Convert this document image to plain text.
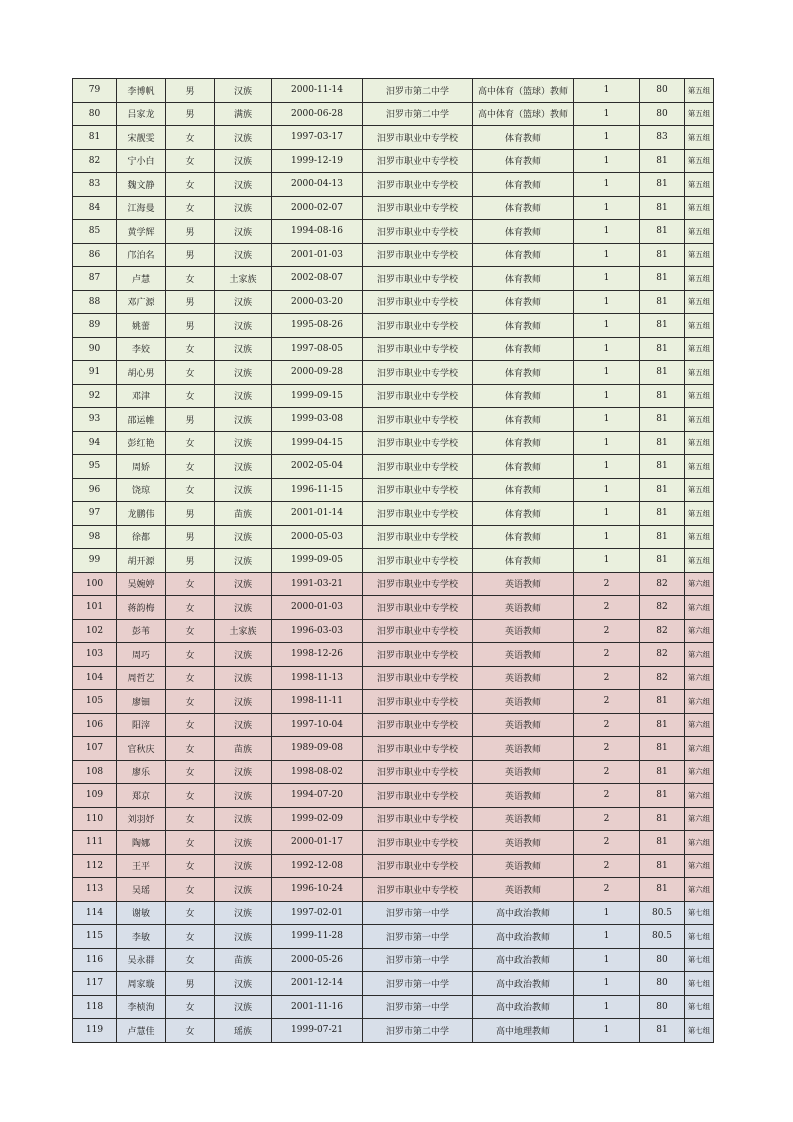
79	李博帆	男	汉族	2000-11-14	汨罗市第二中学	高中体育（篮球）教师	1	80	第五组
80	吕家龙	男	满族	2000-06-28	汨罗市第二中学	高中体育（篮球）教师	1	80	第五组
81	宋靓雯	女	汉族	1997-03-17	汨罗市职业中专学校	体育教师	1	83	第五组
82	宁小白	女	汉族	1999-12-19	汨罗市职业中专学校	体育教师	1	81	第五组
83	魏文静	女	汉族	2000-04-13	汨罗市职业中专学校	体育教师	1	81	第五组
84	江海曼	女	汉族	2000-02-07	汨罗市职业中专学校	体育教师	1	81	第五组
85	黄学辉	男	汉族	1994-08-16	汨罗市职业中专学校	体育教师	1	81	第五组
86	邝泊名	男	汉族	2001-01-03	汨罗市职业中专学校	体育教师	1	81	第五组
87	卢慧	女	土家族	2002-08-07	汨罗市职业中专学校	体育教师	1	81	第五组
88	邓广源	男	汉族	2000-03-20	汨罗市职业中专学校	体育教师	1	81	第五组
89	姚蕾	男	汉族	1995-08-26	汨罗市职业中专学校	体育教师	1	81	第五组
90	李姣	女	汉族	1997-08-05	汨罗市职业中专学校	体育教师	1	81	第五组
91	胡心男	女	汉族	2000-09-28	汨罗市职业中专学校	体育教师	1	81	第五组
92	邓津	女	汉族	1999-09-15	汨罗市职业中专学校	体育教师	1	81	第五组
93	邵运帷	男	汉族	1999-03-08	汨罗市职业中专学校	体育教师	1	81	第五组
94	彭红艳	女	汉族	1999-04-15	汨罗市职业中专学校	体育教师	1	81	第五组
95	周娇	女	汉族	2002-05-04	汨罗市职业中专学校	体育教师	1	81	第五组
96	饶琼	女	汉族	1996-11-15	汨罗市职业中专学校	体育教师	1	81	第五组
97	龙鹏伟	男	苗族	2001-01-14	汨罗市职业中专学校	体育教师	1	81	第五组
98	徐都	男	汉族	2000-05-03	汨罗市职业中专学校	体育教师	1	81	第五组
99	胡开源	男	汉族	1999-09-05	汨罗市职业中专学校	体育教师	1	81	第五组
100	吴婉婷	女	汉族	1991-03-21	汨罗市职业中专学校	英语教师	2	82	第六组
101	蒋韵梅	女	汉族	2000-01-03	汨罗市职业中专学校	英语教师	2	82	第六组
102	彭苇	女	土家族	1996-03-03	汨罗市职业中专学校	英语教师	2	82	第六组
103	周巧	女	汉族	1998-12-26	汨罗市职业中专学校	英语教师	2	82	第六组
104	周哲艺	女	汉族	1998-11-13	汨罗市职业中专学校	英语教师	2	82	第六组
105	廖钿	女	汉族	1998-11-11	汨罗市职业中专学校	英语教师	2	81	第六组
106	阳滓	女	汉族	1997-10-04	汨罗市职业中专学校	英语教师	2	81	第六组
107	官秋庆	女	苗族	1989-09-08	汨罗市职业中专学校	英语教师	2	81	第六组
108	廖乐	女	汉族	1998-08-02	汨罗市职业中专学校	英语教师	2	81	第六组
109	郑京	女	汉族	1994-07-20	汨罗市职业中专学校	英语教师	2	81	第六组
110	刘羽妤	女	汉族	1999-02-09	汨罗市职业中专学校	英语教师	2	81	第六组
111	陶娜	女	汉族	2000-01-17	汨罗市职业中专学校	英语教师	2	81	第六组
112	王平	女	汉族	1992-12-08	汨罗市职业中专学校	英语教师	2	81	第六组
113	吴瑶	女	汉族	1996-10-24	汨罗市职业中专学校	英语教师	2	81	第六组
114	谢敏	女	汉族	1997-02-01	汨罗市第一中学	高中政治教师	1	80.5	第七组
115	李敏	女	汉族	1999-11-28	汨罗市第一中学	高中政治教师	1	80.5	第七组
116	吴永群	女	苗族	2000-05-26	汨罗市第一中学	高中政治教师	1	80	第七组
117	周家璇	男	汉族	2001-12-14	汨罗市第一中学	高中政治教师	1	80	第七组
118	李桢洵	女	汉族	2001-11-16	汨罗市第一中学	高中政治教师	1	80	第七组
119	卢慧佳	女	瑶族	1999-07-21	汨罗市第二中学	高中地理教师	1	81	第七组
